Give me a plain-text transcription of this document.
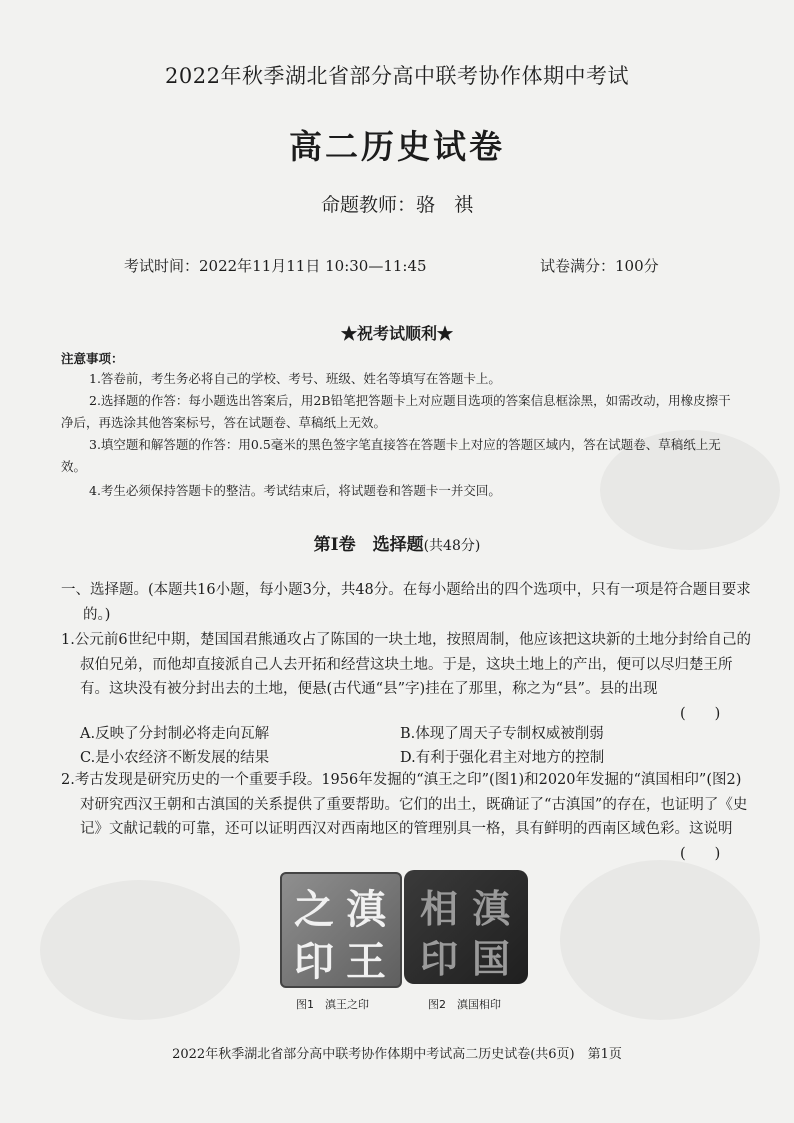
2022年秋季湖北省部分高中联考协作体期中考试
高二历史试卷
命题教师：骆　祺
考试时间：2022年11月11日 10:30—11:45	试卷满分：100分
★祝考试顺利★
注意事项：
1.答卷前，考生务必将自己的学校、考号、班级、姓名等填写在答题卡上。
2.选择题的作答：每小题选出答案后，用2B铅笔把答题卡上对应题目选项的答案信息框涂黑，如需改动，用橡皮擦干净后，再选涂其他答案标号，答在试题卷、草稿纸上无效。
3.填空题和解答题的作答：用0.5毫米的黑色签字笔直接答在答题卡上对应的答题区域内，答在试题卷、草稿纸上无效。
4.考生必须保持答题卡的整洁。考试结束后，将试题卷和答题卡一并交回。
第Ⅰ卷　选择题(共48分)
一、选择题。(本题共16小题，每小题3分，共48分。在每小题给出的四个选项中，只有一项是符合题目要求的。)
1.公元前6世纪中期，楚国国君熊通攻占了陈国的一块土地，按照周制，他应该把这块新的土地分封给自己的叔伯兄弟，而他却直接派自己人去开拓和经营这块土地。于是，这块土地上的产出，便可以尽归楚王所有。这块没有被分封出去的土地，便悬(古代通“县”字)挂在了那里，称之为“县”。县的出现
(　　)
A.反映了分封制必将走向瓦解	B.体现了周天子专制权威被削弱
C.是小农经济不断发展的结果	D.有利于强化君主对地方的控制
2.考古发现是研究历史的一个重要手段。1956年发掘的“滇王之印”(图1)和2020年发掘的“滇国相印”(图2)对研究西汉王朝和古滇国的关系提供了重要帮助。它们的出土，既确证了“古滇国”的存在，也证明了《史记》文献记载的可靠，还可以证明西汉对西南地区的管理别具一格，具有鲜明的西南区域色彩。这说明
(　　)
滇
王
之
印
滇
国
相
印
图1　滇王之印	图2　滇国相印
2022年秋季湖北省部分高中联考协作体期中考试高二历史试卷(共6页)　第1页
